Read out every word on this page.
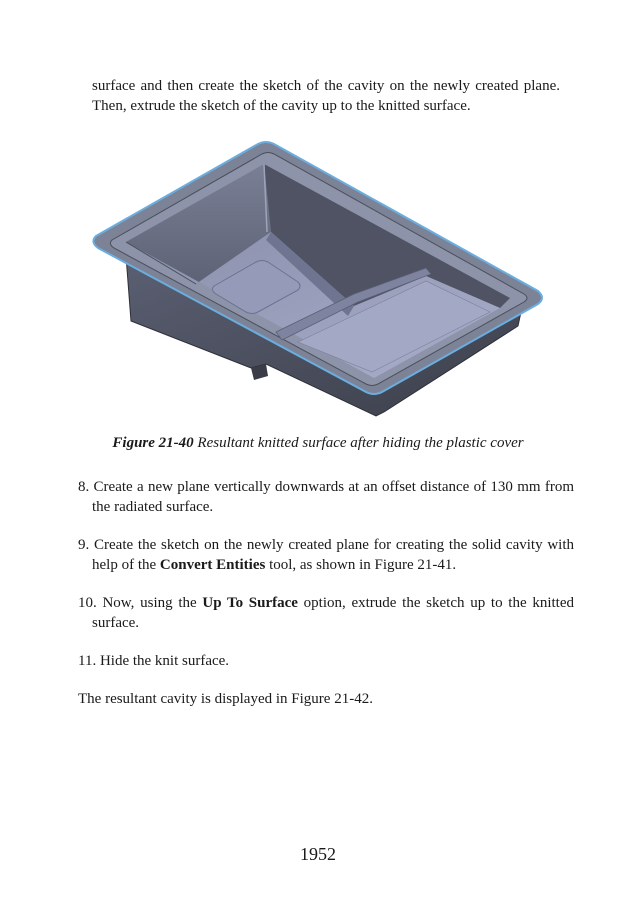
surface and then create the sketch of the cavity on the newly created plane. Then, extrude the sketch of the cavity up to the knitted surface.

Figure 21-40 Resultant knitted surface after hiding the plastic cover

8. Create a new plane vertically downwards at an offset distance of 130 mm from the radiated surface.

9. Create the sketch on the newly created plane for creating the solid cavity with help of the Convert Entities tool, as shown in Figure 21-41.

10. Now, using the Up To Surface option, extrude the sketch up to the knitted surface.

11. Hide the knit surface.

The resultant cavity is displayed in Figure 21-42.

1952
